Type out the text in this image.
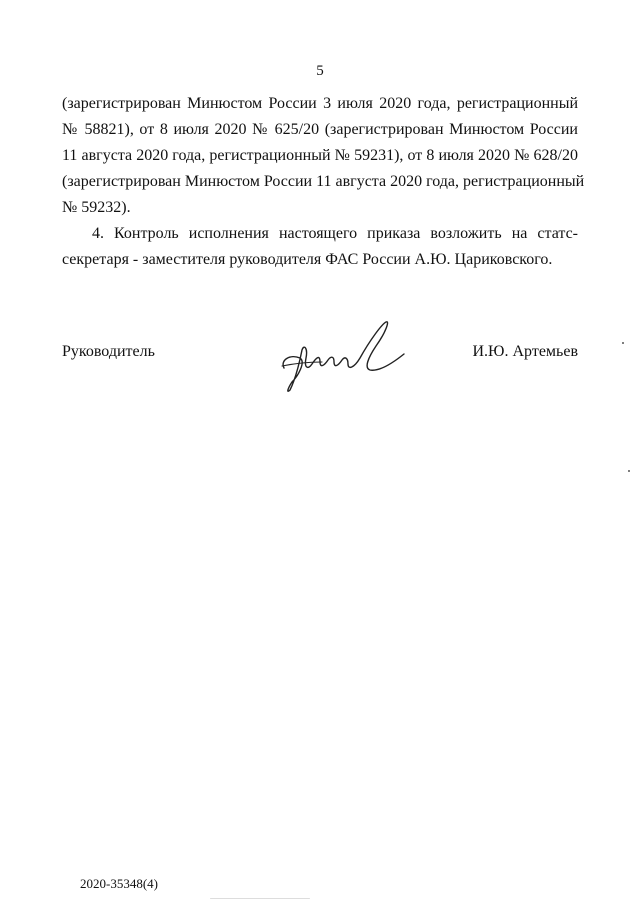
5
(зарегистрирован Минюстом России 3 июля 2020 года, регистрационный
№ 58821), от 8 июля 2020 № 625/20 (зарегистрирован Минюстом России
11 августа 2020 года, регистрационный № 59231), от 8 июля 2020 № 628/20
(зарегистрирован Минюстом России 11 августа 2020 года, регистрационный
№ 59232).
4. Контроль исполнения настоящего приказа возложить на статс-
секретаря - заместителя руководителя ФАС России А.Ю. Цариковского.
Руководитель	И.Ю. Артемьев
2020-35348(4)
